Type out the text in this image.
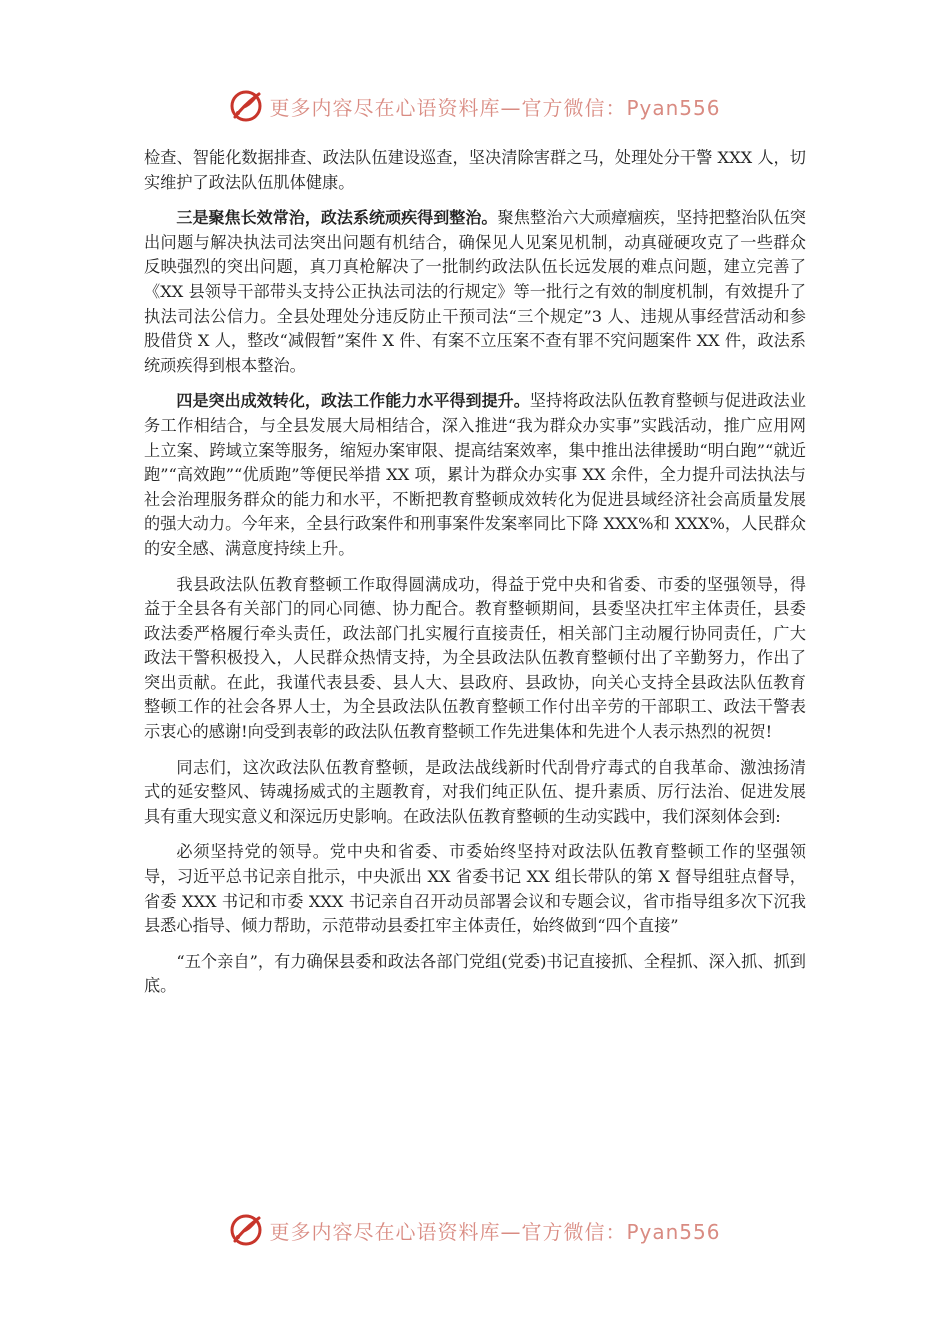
更多内容尽在心语资料库—官方微信：Pyan556

检查、智能化数据排查、政法队伍建设巡查，坚决清除害群之马，处理处分干警 XXX 人，切实维护了政法队伍肌体健康。

三是聚焦长效常治，政法系统顽疾得到整治。聚焦整治六大顽瘴痼疾，坚持把整治队伍突出问题与解决执法司法突出问题有机结合，确保见人见案见机制，动真碰硬攻克了一些群众反映强烈的突出问题，真刀真枪解决了一批制约政法队伍长远发展的难点问题，建立完善了《XX 县领导干部带头支持公正执法司法的行规定》等一批行之有效的制度机制，有效提升了执法司法公信力。全县处理处分违反防止干预司法“三个规定”3 人、违规从事经营活动和参股借贷 X 人，整改“减假暂”案件 X 件、有案不立压案不查有罪不究问题案件 XX 件，政法系统顽疾得到根本整治。

四是突出成效转化，政法工作能力水平得到提升。坚持将政法队伍教育整顿与促进政法业务工作相结合，与全县发展大局相结合，深入推进“我为群众办实事”实践活动，推广应用网上立案、跨域立案等服务，缩短办案审限、提高结案效率，集中推出法律援助“明白跑”“就近跑”“高效跑”“优质跑”等便民举措 XX 项，累计为群众办实事 XX 余件，全力提升司法执法与社会治理服务群众的能力和水平，不断把教育整顿成效转化为促进县域经济社会高质量发展的强大动力。今年来，全县行政案件和刑事案件发案率同比下降 XXX%和 XXX%，人民群众的安全感、满意度持续上升。

我县政法队伍教育整顿工作取得圆满成功，得益于党中央和省委、市委的坚强领导，得益于全县各有关部门的同心同德、协力配合。教育整顿期间，县委坚决扛牢主体责任，县委政法委严格履行牵头责任，政法部门扎实履行直接责任，相关部门主动履行协同责任，广大政法干警积极投入，人民群众热情支持，为全县政法队伍教育整顿付出了辛勤努力，作出了突出贡献。在此，我谨代表县委、县人大、县政府、县政协，向关心支持全县政法队伍教育整顿工作的社会各界人士，为全县政法队伍教育整顿工作付出辛劳的干部职工、政法干警表示衷心的感谢!向受到表彰的政法队伍教育整顿工作先进集体和先进个人表示热烈的祝贺!

同志们，这次政法队伍教育整顿，是政法战线新时代刮骨疗毒式的自我革命、激浊扬清式的延安整风、铸魂扬威式的主题教育，对我们纯正队伍、提升素质、厉行法治、促进发展具有重大现实意义和深远历史影响。在政法队伍教育整顿的生动实践中，我们深刻体会到:

必须坚持党的领导。党中央和省委、市委始终坚持对政法队伍教育整顿工作的坚强领导，习近平总书记亲自批示，中央派出 XX 省委书记 XX 组长带队的第 X 督导组驻点督导，省委 XXX 书记和市委 XXX 书记亲自召开动员部署会议和专题会议，省市指导组多次下沉我县悉心指导、倾力帮助，示范带动县委扛牢主体责任，始终做到“四个直接”

“五个亲自”，有力确保县委和政法各部门党组(党委)书记直接抓、全程抓、深入抓、抓到底。

更多内容尽在心语资料库—官方微信：Pyan556
